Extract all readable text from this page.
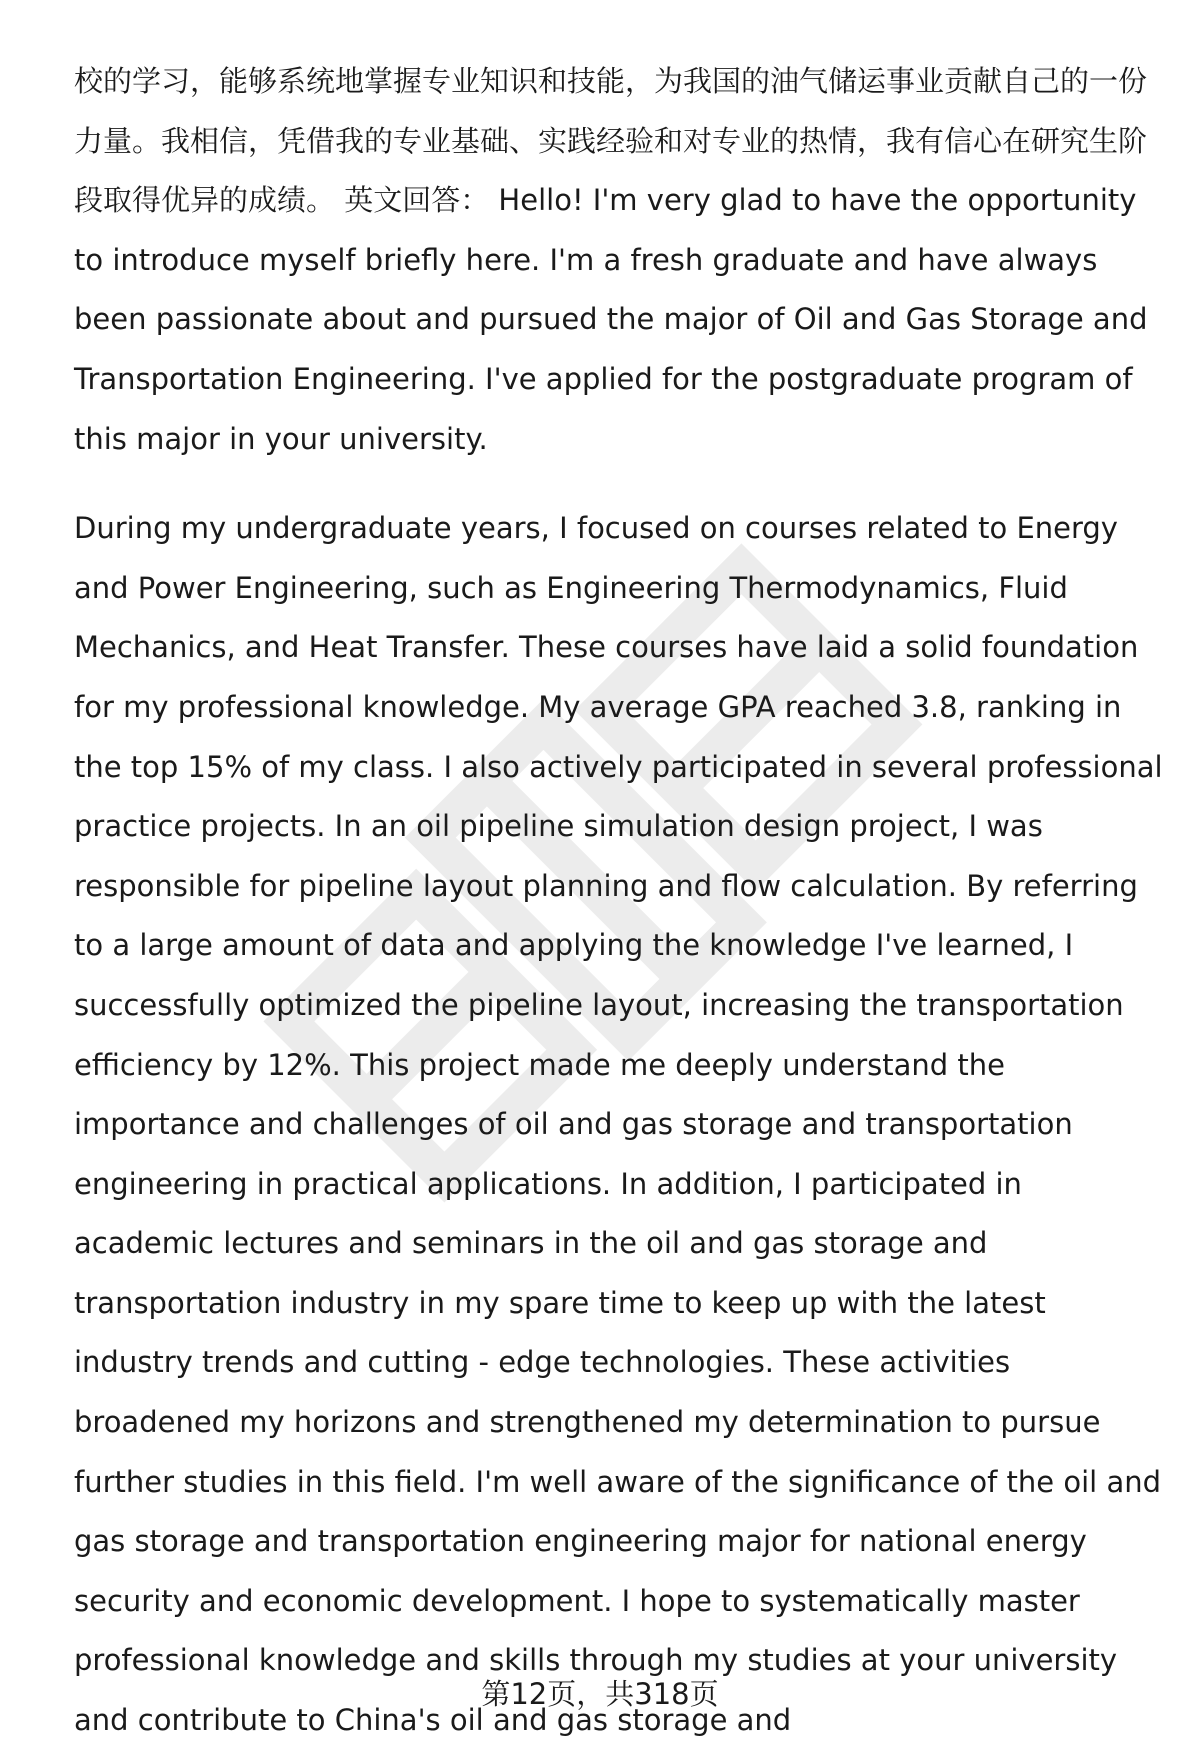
校的学习，能够系统地掌握专业知识和技能，为我国的油气储运事业贡献自己的一份力量。我相信，凭借我的专业基础、实践经验和对专业的热情，我有信心在研究生阶段取得优异的成绩。 英文回答： Hello! I'm very glad to have the opportunity to introduce myself briefly here. I'm a fresh graduate and have always been passionate about and pursued the major of Oil and Gas Storage and Transportation Engineering. I've applied for the postgraduate program of this major in your university.

During my undergraduate years, I focused on courses related to Energy and Power Engineering, such as Engineering Thermodynamics, Fluid Mechanics, and Heat Transfer. These courses have laid a solid foundation for my professional knowledge. My average GPA reached 3.8, ranking in the top 15% of my class. I also actively participated in several professional practice projects. In an oil pipeline simulation design project, I was responsible for pipeline layout planning and flow calculation. By referring to a large amount of data and applying the knowledge I've learned, I successfully optimized the pipeline layout, increasing the transportation efficiency by 12%. This project made me deeply understand the importance and challenges of oil and gas storage and transportation engineering in practical applications. In addition, I participated in academic lectures and seminars in the oil and gas storage and transportation industry in my spare time to keep up with the latest industry trends and cutting - edge technologies. These activities broadened my horizons and strengthened my determination to pursue further studies in this field. I'm well aware of the significance of the oil and gas storage and transportation engineering major for national energy security and economic development. I hope to systematically master professional knowledge and skills through my studies at your university and contribute to China's oil and gas storage and

第12页，共318页
